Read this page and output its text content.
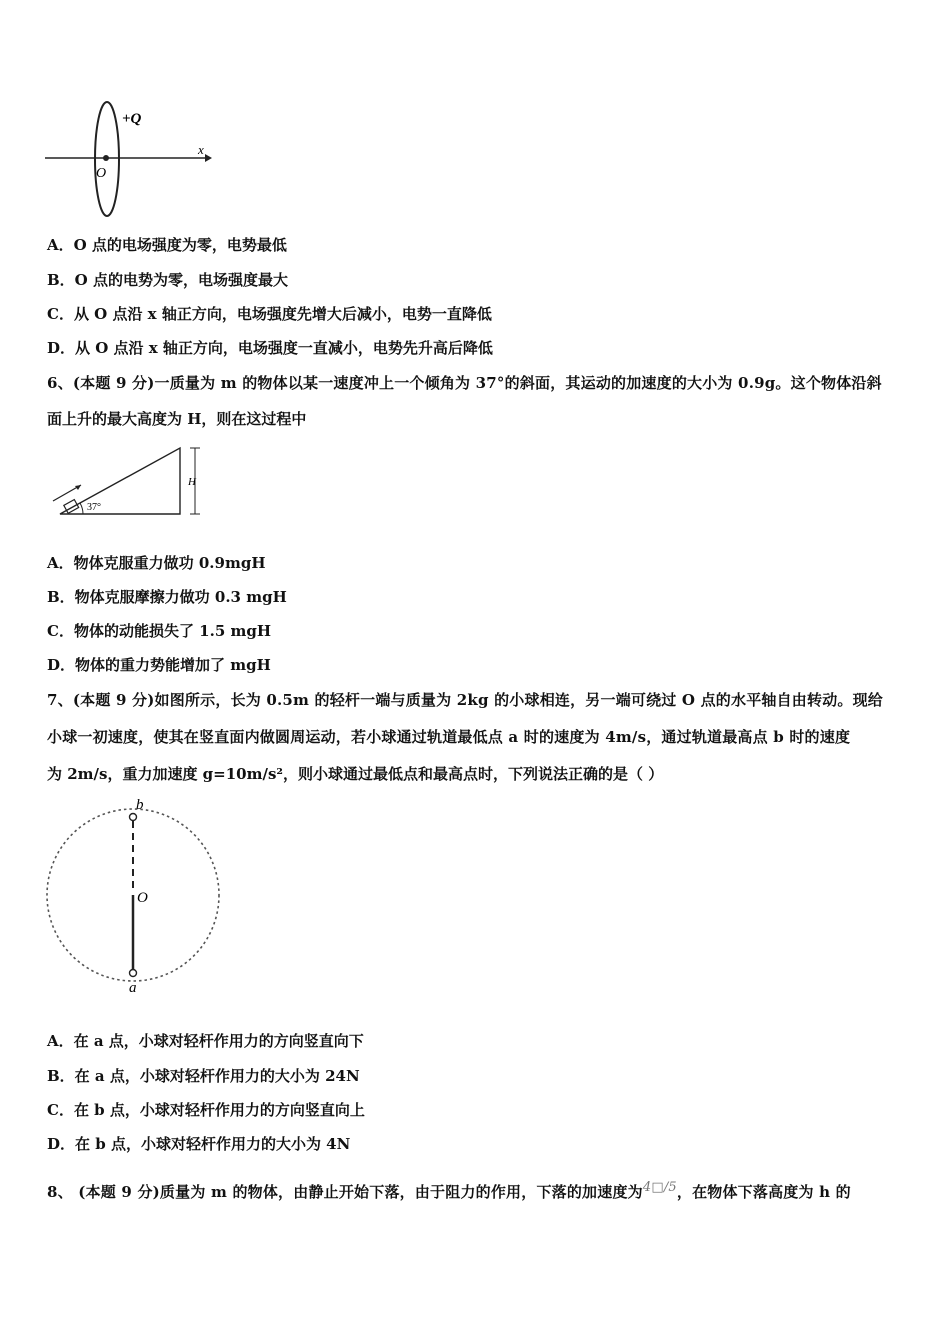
+Q
x
O
A．O 点的电场强度为零，电势最低
B．O 点的电势为零，电场强度最大
C．从 O 点沿 x 轴正方向，电场强度先增大后减小，电势一直降低
D．从 O 点沿 x 轴正方向，电场强度一直减小，电势先升高后降低
6、(本题 9 分)一质量为 m 的物体以某一速度冲上一个倾角为 37°的斜面，其运动的加速度的大小为 0.9g。这个物体沿斜
面上升的最大高度为 H，则在这过程中
37°
H
A．物体克服重力做功 0.9mgH
B．物体克服摩擦力做功 0.3 mgH
C．物体的动能损失了 1.5 mgH
D．物体的重力势能增加了 mgH
7、(本题 9 分)如图所示，长为 0.5m 的轻杆一端与质量为 2kg 的小球相连，另一端可绕过 O 点的水平轴自由转动。现给
小球一初速度，使其在竖直面内做圆周运动，若小球通过轨道最低点 a 时的速度为 4m/s，通过轨道最高点 b 时的速度
为 2m/s，重力加速度 g=10m/s²，则小球通过最低点和最高点时，下列说法正确的是（ ）
b
O
a
A．在 a 点，小球对轻杆作用力的方向竖直向下
B．在 a 点，小球对轻杆作用力的大小为 24N
C．在 b 点，小球对轻杆作用力的方向竖直向上
D．在 b 点，小球对轻杆作用力的大小为 4N
8、 (本题 9 分)质量为 m 的物体，由静止开始下落，由于阻力的作用，下落的加速度为4□/5，在物体下落高度为 h 的
